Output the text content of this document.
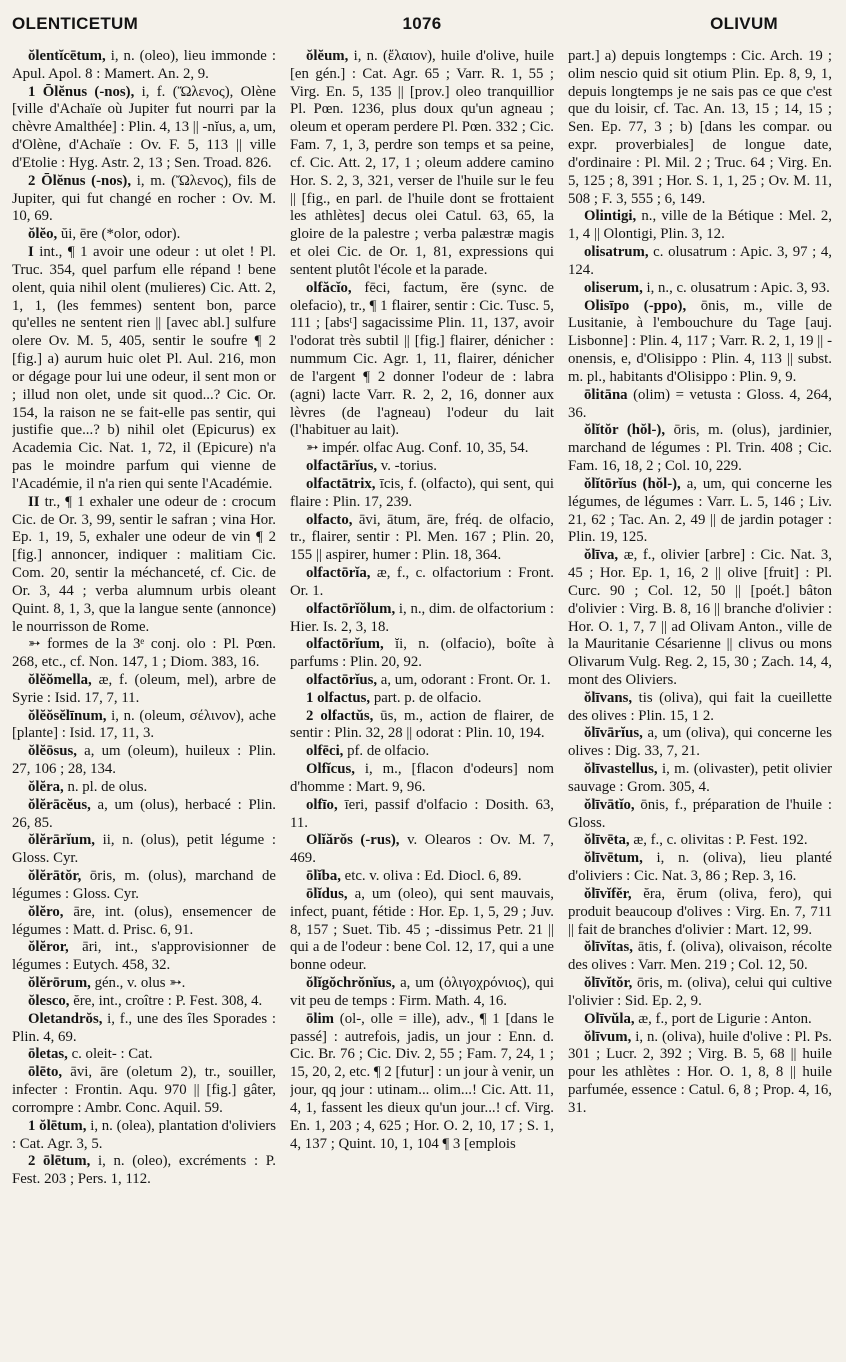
OLENTICETUM	1076	OLIVUM

ŏlentĭcētum, i, n. (oleo), lieu immonde : Apul. Apol. 8 : Mamert. An. 2, 9.

1 Ōlĕnus (-nos), i, f. (Ὤλενος), Olène [ville d'Achaïe où Jupiter fut nourri par la chèvre Amalthée] : Plin. 4, 13 || -nĭus, a, um, d'Olène, d'Achaïe : Ov. F. 5, 113 || ville d'Etolie : Hyg. Astr. 2, 13 ; Sen. Troad. 826.

2 Ōlĕnus (-nos), i, m. (Ὤλενος), fils de Jupiter, qui fut changé en rocher : Ov. M. 10, 69.

ŏlĕo, ŭi, ēre (*olor, odor).

I int., ¶ 1 avoir une odeur : ut olet ! Pl. Truc. 354, quel parfum elle répand ! bene olent, quia nihil olent (mulieres) Cic. Att. 2, 1, 1, (les femmes) sentent bon, parce qu'elles ne sentent rien || [avec abl.] sulfure olere Ov. M. 5, 405, sentir le soufre ¶ 2 [fig.] a) aurum huic olet Pl. Aul. 216, mon or dégage pour lui une odeur, il sent mon or ; illud non olet, unde sit quod...? Cic. Or. 154, la raison ne se fait-elle pas sentir, qui justifie que...? b) nihil olet (Epicurus) ex Academia Cic. Nat. 1, 72, il (Epicure) n'a pas le moindre parfum qui vienne de l'Académie, il n'a rien qui sente l'Académie.

II tr., ¶ 1 exhaler une odeur de : crocum Cic. de Or. 3, 99, sentir le safran ; vina Hor. Ep. 1, 19, 5, exhaler une odeur de vin ¶ 2 [fig.] annoncer, indiquer : malitiam Cic. Com. 20, sentir la méchanceté, cf. Cic. de Or. 3, 44 ; verba alumnum urbis oleant Quint. 8, 1, 3, que la langue sente (annonce) le nourrisson de Rome.

➳ formes de la 3ᵉ conj. olo : Pl. Pœn. 268, etc., cf. Non. 147, 1 ; Diom. 383, 16.

ŏlĕŏmella, æ, f. (oleum, mel), arbre de Syrie : Isid. 17, 7, 11.

ŏlĕŏsĕlīnum, i, n. (oleum, σέλινον), ache [plante] : Isid. 17, 11, 3.

ŏlĕōsus, a, um (oleum), huileux : Plin. 27, 106 ; 28, 134.

ŏlĕra, n. pl. de olus.

ŏlĕrācĕus, a, um (olus), herbacé : Plin. 26, 85.

ŏlĕrārĭum, ii, n. (olus), petit légume : Gloss. Cyr.

ŏlĕrātŏr, ōris, m. (olus), marchand de légumes : Gloss. Cyr.

ŏlĕro, āre, int. (olus), ensemencer de légumes : Matt. d. Prisc. 6, 91.

ŏlĕror, āri, int., s'approvisionner de légumes : Eutych. 458, 32.

ŏlĕrōrum, gén., v. olus ➳.

ŏlesco, ĕre, int., croître : P. Fest. 308, 4.

Oletandrŏs, i, f., une des îles Sporades : Plin. 4, 69.

ōletas, c. oleit- : Cat.

ōlēto, āvi, āre (oletum 2), tr., souiller, infecter : Frontin. Aqu. 970 || [fig.] gâter, corrompre : Ambr. Conc. Aquil. 59.

1 ŏlētum, i, n. (olea), plantation d'oliviers : Cat. Agr. 3, 5.

2 ōlētum, i, n. (oleo), excréments : P. Fest. 203 ; Pers. 1, 112.

ŏlĕum, i, n. (ἔλαιον), huile d'olive, huile [en gén.] : Cat. Agr. 65 ; Varr. R. 1, 55 ; Virg. En. 5, 135 || [prov.] oleo tranquillior Pl. Pœn. 1236, plus doux qu'un agneau ; oleum et operam perdere Pl. Pœn. 332 ; Cic. Fam. 7, 1, 3, perdre son temps et sa peine, cf. Cic. Att. 2, 17, 1 ; oleum addere camino Hor. S. 2, 3, 321, verser de l'huile sur le feu || [fig., en parl. de l'huile dont se frottaient les athlètes] decus olei Catul. 63, 65, la gloire de la palestre ; verba palæstræ magis et olei Cic. de Or. 1, 81, expressions qui sentent plutôt l'école et la parade.

olfăcĭo, fēci, factum, ĕre (sync. de olefacio), tr., ¶ 1 flairer, sentir : Cic. Tusc. 5, 111 ; [absᵗ] sagacissime Plin. 11, 137, avoir l'odorat très subtil || [fig.] flairer, dénicher : nummum Cic. Agr. 1, 11, flairer, dénicher de l'argent ¶ 2 donner l'odeur de : labra (agni) lacte Varr. R. 2, 2, 16, donner aux lèvres (de l'agneau) l'odeur du lait (l'habituer au lait).

➳ impér. olfac Aug. Conf. 10, 35, 54.

olfactārĭus, v. -torius.

olfactātrix, īcis, f. (olfacto), qui sent, qui flaire : Plin. 17, 239.

olfacto, āvi, ātum, āre, fréq. de olfacio, tr., flairer, sentir : Pl. Men. 167 ; Plin. 20, 155 || aspirer, humer : Plin. 18, 364.

olfactōrĭa, æ, f., c. olfactorium : Front. Or. 1.

olfactōrĭŏlum, i, n., dim. de olfactorium : Hier. Is. 2, 3, 18.

olfactōrĭum, ĭi, n. (olfacio), boîte à parfums : Plin. 20, 92.

olfactōrĭus, a, um, odorant : Front. Or. 1.

1 olfactus, part. p. de olfacio.

2 olfactŭs, ūs, m., action de flairer, de sentir : Plin. 32, 28 || odorat : Plin. 10, 194.

olfēci, pf. de olfacio.

Olfĭcus, i, m., [flacon d'odeurs] nom d'homme : Mart. 9, 96.

olfīo, īeri, passif d'olfacio : Dosith. 63, 11.

Olĭărŏs (-rus), v. Olearos : Ov. M. 7, 469.

ōlĭba, etc. v. oliva : Ed. Diocl. 6, 89.

ōlĭdus, a, um (oleo), qui sent mauvais, infect, puant, fétide : Hor. Ep. 1, 5, 29 ; Juv. 8, 157 ; Suet. Tib. 45 ; -dissimus Petr. 21 || qui a de l'odeur : bene Col. 12, 17, qui a une bonne odeur.

ŏlĭgŏchrŏnĭus, a, um (ὀλιγοχρόνιος), qui vit peu de temps : Firm. Math. 4, 16.

ōlim (ol-, olle = ille), adv., ¶ 1 [dans le passé] : autrefois, jadis, un jour : Enn. d. Cic. Br. 76 ; Cic. Div. 2, 55 ; Fam. 7, 24, 1 ; 15, 20, 2, etc. ¶ 2 [futur] : un jour à venir, un jour, qq jour : utinam... olim...! Cic. Att. 11, 4, 1, fassent les dieux qu'un jour...! cf. Virg. En. 1, 203 ; 4, 625 ; Hor. O. 2, 10, 17 ; S. 1, 4, 137 ; Quint. 10, 1, 104 ¶ 3 [emplois

part.] a) depuis longtemps : Cic. Arch. 19 ; olim nescio quid sit otium Plin. Ep. 8, 9, 1, depuis longtemps je ne sais pas ce que c'est que du loisir, cf. Tac. An. 13, 15 ; 14, 15 ; Sen. Ep. 77, 3 ; b) [dans les compar. ou expr. proverbiales] de longue date, d'ordinaire : Pl. Mil. 2 ; Truc. 64 ; Virg. En. 5, 125 ; 8, 391 ; Hor. S. 1, 1, 25 ; Ov. M. 11, 508 ; F. 3, 555 ; 6, 149.

Olintigi, n., ville de la Bétique : Mel. 2, 1, 4 || Olontigi, Plin. 3, 12.

olisatrum, c. olusatrum : Apic. 3, 97 ; 4, 124.

oliserum, i, n., c. olusatrum : Apic. 3, 93.

Olisīpo (-ppo), ōnis, m., ville de Lusitanie, à l'embouchure du Tage [auj. Lisbonne] : Plin. 4, 117 ; Varr. R. 2, 1, 19 || -onensis, e, d'Olisippo : Plin. 4, 113 || subst. m. pl., habitants d'Olisippo : Plin. 9, 9.

ōlitāna (olim) = vetusta : Gloss. 4, 264, 36.

ŏlĭtŏr (hŏl-), ōris, m. (olus), jardinier, marchand de légumes : Pl. Trin. 408 ; Cic. Fam. 16, 18, 2 ; Col. 10, 229.

ŏlĭtōrĭus (hŏl-), a, um, qui concerne les légumes, de légumes : Varr. L. 5, 146 ; Liv. 21, 62 ; Tac. An. 2, 49 || de jardin potager : Plin. 19, 125.

ŏlīva, æ, f., olivier [arbre] : Cic. Nat. 3, 45 ; Hor. Ep. 1, 16, 2 || olive [fruit] : Pl. Curc. 90 ; Col. 12, 50 || [poét.] bâton d'olivier : Virg. B. 8, 16 || branche d'olivier : Hor. O. 1, 7, 7 || ad Olivam Anton., ville de la Mauritanie Césarienne || clivus ou mons Olivarum Vulg. Reg. 2, 15, 30 ; Zach. 14, 4, mont des Oliviers.

ŏlīvans, tis (oliva), qui fait la cueillette des olives : Plin. 15, 1 2.

ŏlīvārĭus, a, um (oliva), qui concerne les olives : Dig. 33, 7, 21.

ŏlīvastellus, i, m. (olivaster), petit olivier sauvage : Grom. 305, 4.

ŏlīvātĭo, ōnis, f., préparation de l'huile : Gloss.

ŏlīvēta, æ, f., c. olivitas : P. Fest. 192.

ŏlīvētum, i, n. (oliva), lieu planté d'oliviers : Cic. Nat. 3, 86 ; Rep. 3, 16.

ŏlīvĭfĕr, ĕra, ĕrum (oliva, fero), qui produit beaucoup d'olives : Virg. En. 7, 711 || fait de branches d'olivier : Mart. 12, 99.

ŏlīvĭtas, ātis, f. (oliva), olivaison, récolte des olives : Varr. Men. 219 ; Col. 12, 50.

ŏlīvĭtŏr, ōris, m. (oliva), celui qui cultive l'olivier : Sid. Ep. 2, 9.

Olīvŭla, æ, f., port de Ligurie : Anton.

ŏlīvum, i, n. (oliva), huile d'olive : Pl. Ps. 301 ; Lucr. 2, 392 ; Virg. B. 5, 68 || huile pour les athlètes : Hor. O. 1, 8, 8 || huile parfumée, essence : Catul. 6, 8 ; Prop. 4, 16, 31.
